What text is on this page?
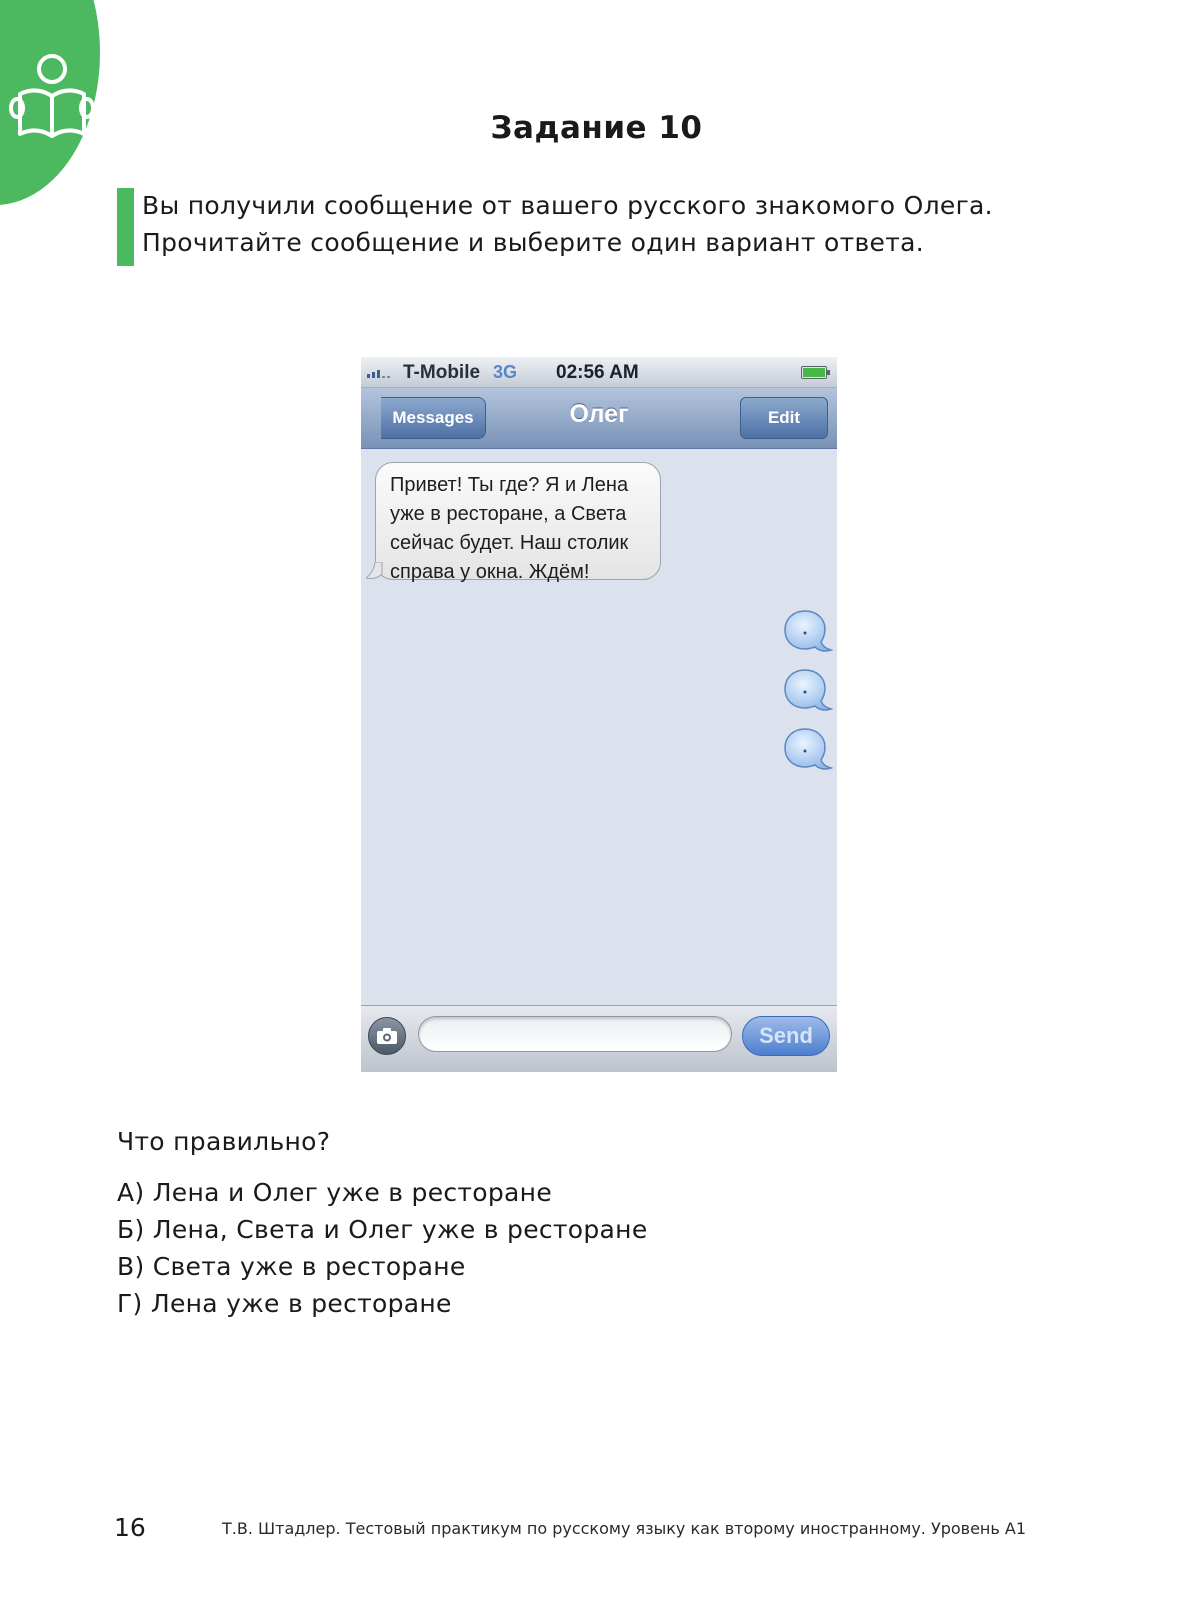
Задание 10
Вы получили сообщение от вашего русского знакомого Олега.
Прочитайте сообщение и выберите один вариант ответа.
T-Mobile 3G 02:56 AM
Messages	Олег	Edit
Привет! Ты где? Я и Лена
уже в ресторане, а Света
сейчас будет. Наш столик
справа у окна. Ждём!
Send
Что правильно?
А) Лена и Олег уже в ресторане
Б) Лена, Света и Олег уже в ресторане
В) Света уже в ресторане
Г) Лена уже в ресторане
16	Т.В. Штадлер. Тестовый практикум по русскому языку как второму иностранному. Уровень А1
